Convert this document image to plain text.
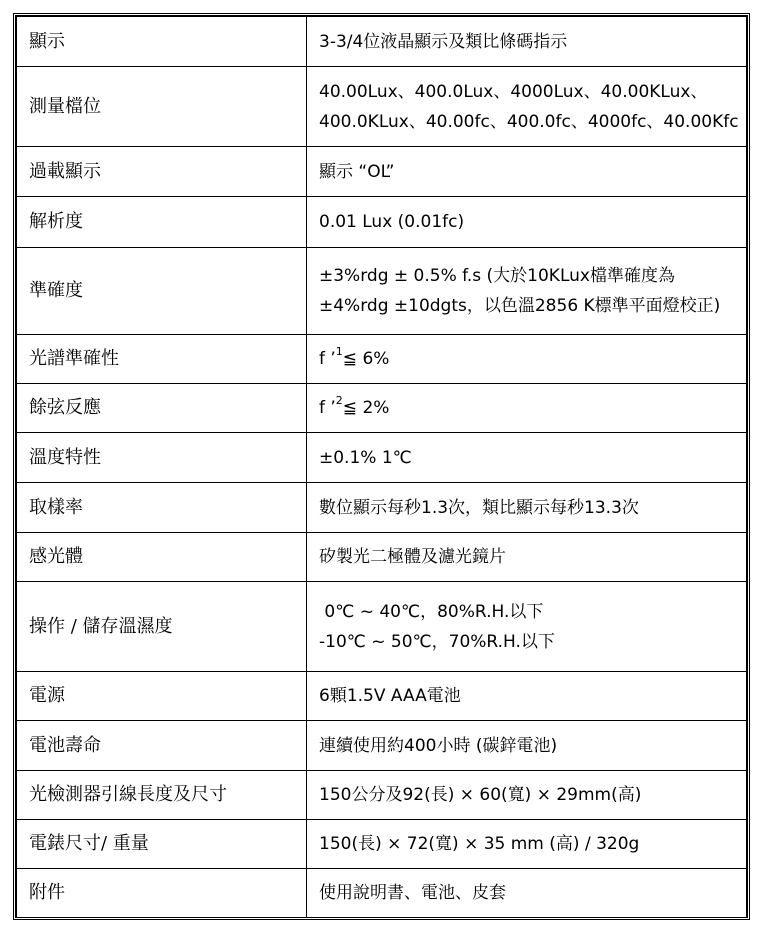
顯示	3-3/4位液晶顯示及類比條碼指示

測量檔位	40.00Lux、400.0Lux、4000Lux、40.00KLux、
400.0KLux、40.00fc、400.0fc、4000fc、40.00Kfc

過載顯示	顯示 “OL”

解析度	0.01 Lux (0.01fc)

準確度	±3%rdg ± 0.5% f.s (大於10KLux檔準確度為
±4%rdg ±10dgts，以色溫2856 K標準平面燈校正)

光譜準確性	f ’$^1$≦ 6%
餘弦反應	f ’$^2$≦ 2%
溫度特性	±0.1% 1℃

取樣率	數位顯示每秒1.3次，類比顯示每秒13.3次

感光體	矽製光二極體及濾光鏡片

操作 / 儲存溫濕度	0℃ ~ 40℃，80%R.H.以下
-10℃ ~ 50℃，70%R.H.以下

電源	6顆1.5V AAA電池

電池壽命	連續使用約400小時 (碳鋅電池)

光檢測器引線長度及尺寸	150公分及92(長) × 60(寬) × 29mm(高)

電錶尺寸/ 重量	150(長) × 72(寬) × 35 mm (高) / 320g

附件	使用說明書、電池、皮套
